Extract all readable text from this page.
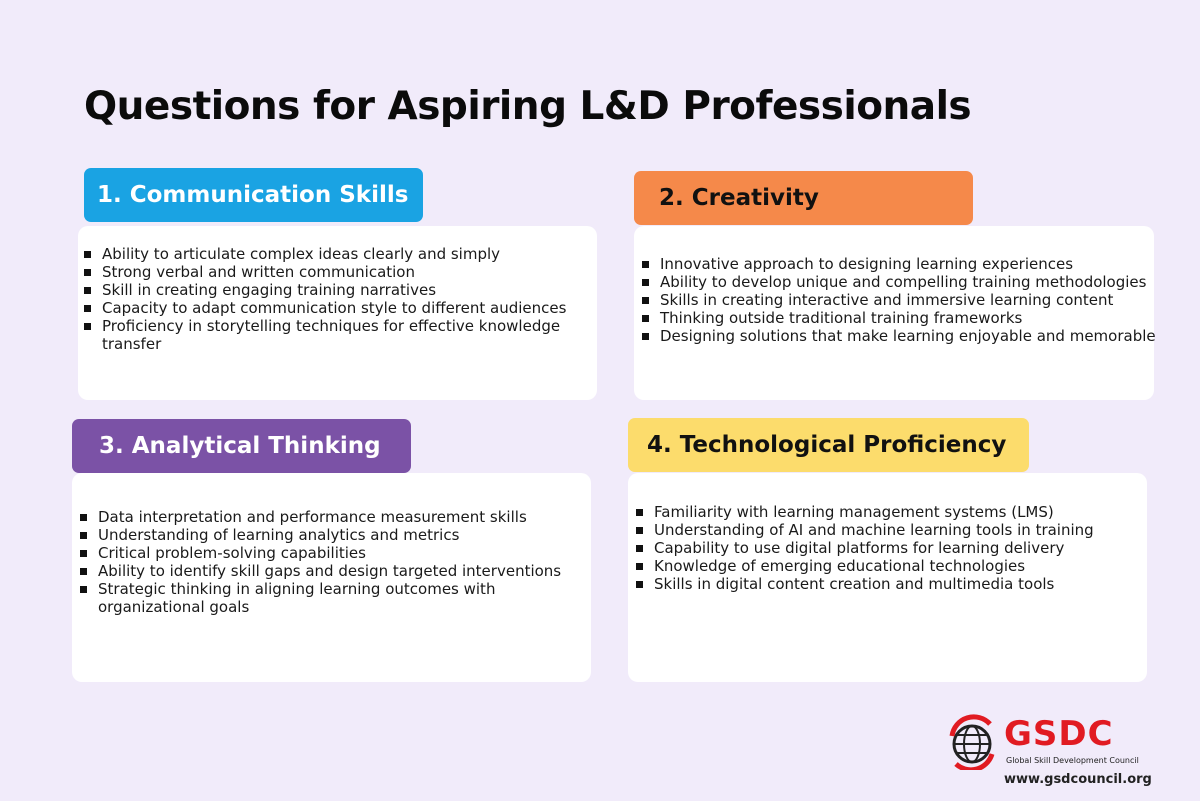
Questions for Aspiring L&D Professionals
1. Communication Skills
Ability to articulate complex ideas clearly and simply
Strong verbal and written communication
Skill in creating engaging training narratives
Capacity to adapt communication style to different audiences
Proficiency in storytelling techniques for effective knowledge transfer
2. Creativity
Innovative approach to designing learning experiences
Ability to develop unique and compelling training methodologies
Skills in creating interactive and immersive learning content
Thinking outside traditional training frameworks
Designing solutions that make learning enjoyable and memorable
3. Analytical Thinking
Data interpretation and performance measurement skills
Understanding of learning analytics and metrics
Critical problem-solving capabilities
Ability to identify skill gaps and design targeted interventions
Strategic thinking in aligning learning outcomes with organizational goals
4. Technological Proficiency
Familiarity with learning management systems (LMS)
Understanding of AI and machine learning tools in training
Capability to use digital platforms for learning delivery
Knowledge of emerging educational technologies
Skills in digital content creation and multimedia tools
GSDC
Global Skill Development Council
www.gsdcouncil.org
